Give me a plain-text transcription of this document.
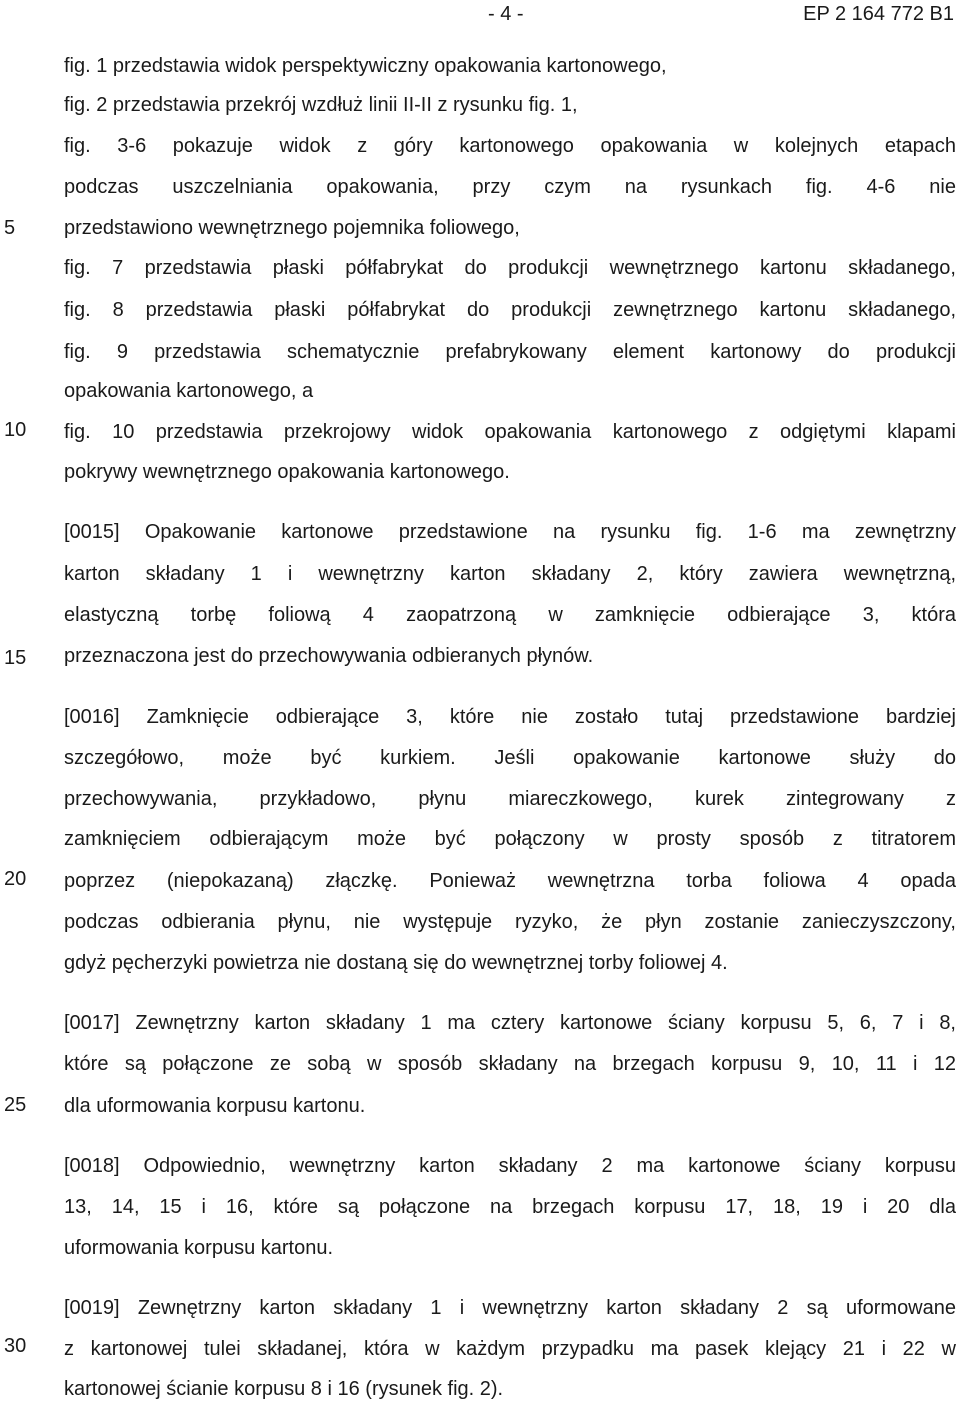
- 4 -	EP 2 164 772 B1
5
10
15
20
25
30
fig. 1 przedstawia widok perspektywiczny opakowania kartonowego,
fig. 2 przedstawia przekrój wzdłuż linii II-II z rysunku fig. 1,
fig. 3-6 pokazuje widok z góry kartonowego opakowania w kolejnych etapach
podczas uszczelniania opakowania, przy czym na rysunkach fig. 4-6 nie
przedstawiono wewnętrznego pojemnika foliowego,
fig. 7 przedstawia płaski półfabrykat do produkcji wewnętrznego kartonu składanego,
fig. 8 przedstawia płaski półfabrykat do produkcji zewnętrznego kartonu składanego,
fig. 9 przedstawia schematycznie prefabrykowany element kartonowy do produkcji
opakowania kartonowego, a
fig. 10 przedstawia przekrojowy widok opakowania kartonowego z odgiętymi klapami
pokrywy wewnętrznego opakowania kartonowego.
[0015] Opakowanie kartonowe przedstawione na rysunku fig. 1-6 ma zewnętrzny
karton składany 1 i wewnętrzny karton składany 2, który zawiera wewnętrzną,
elastyczną torbę foliową 4 zaopatrzoną w zamknięcie odbierające 3, która
przeznaczona jest do przechowywania odbieranych płynów.
[0016] Zamknięcie odbierające 3, które nie zostało tutaj przedstawione bardziej
szczegółowo, może być kurkiem. Jeśli opakowanie kartonowe służy do
przechowywania, przykładowo, płynu miareczkowego, kurek zintegrowany z
zamknięciem odbierającym może być połączony w prosty sposób z titratorem
poprzez (niepokazaną) złączkę. Ponieważ wewnętrzna torba foliowa 4 opada
podczas odbierania płynu, nie występuje ryzyko, że płyn zostanie zanieczyszczony,
gdyż pęcherzyki powietrza nie dostaną się do wewnętrznej torby foliowej 4.
[0017] Zewnętrzny karton składany 1 ma cztery kartonowe ściany korpusu 5, 6, 7 i 8,
które są połączone ze sobą w sposób składany na brzegach korpusu 9, 10, 11 i 12
dla uformowania korpusu kartonu.
[0018] Odpowiednio, wewnętrzny karton składany 2 ma kartonowe ściany korpusu
13, 14, 15 i 16, które są połączone na brzegach korpusu 17, 18, 19 i 20 dla
uformowania korpusu kartonu.
[0019] Zewnętrzny karton składany 1 i wewnętrzny karton składany 2 są uformowane
z kartonowej tulei składanej, która w każdym przypadku ma pasek klejący 21 i 22 w
kartonowej ścianie korpusu 8 i 16 (rysunek fig. 2).
